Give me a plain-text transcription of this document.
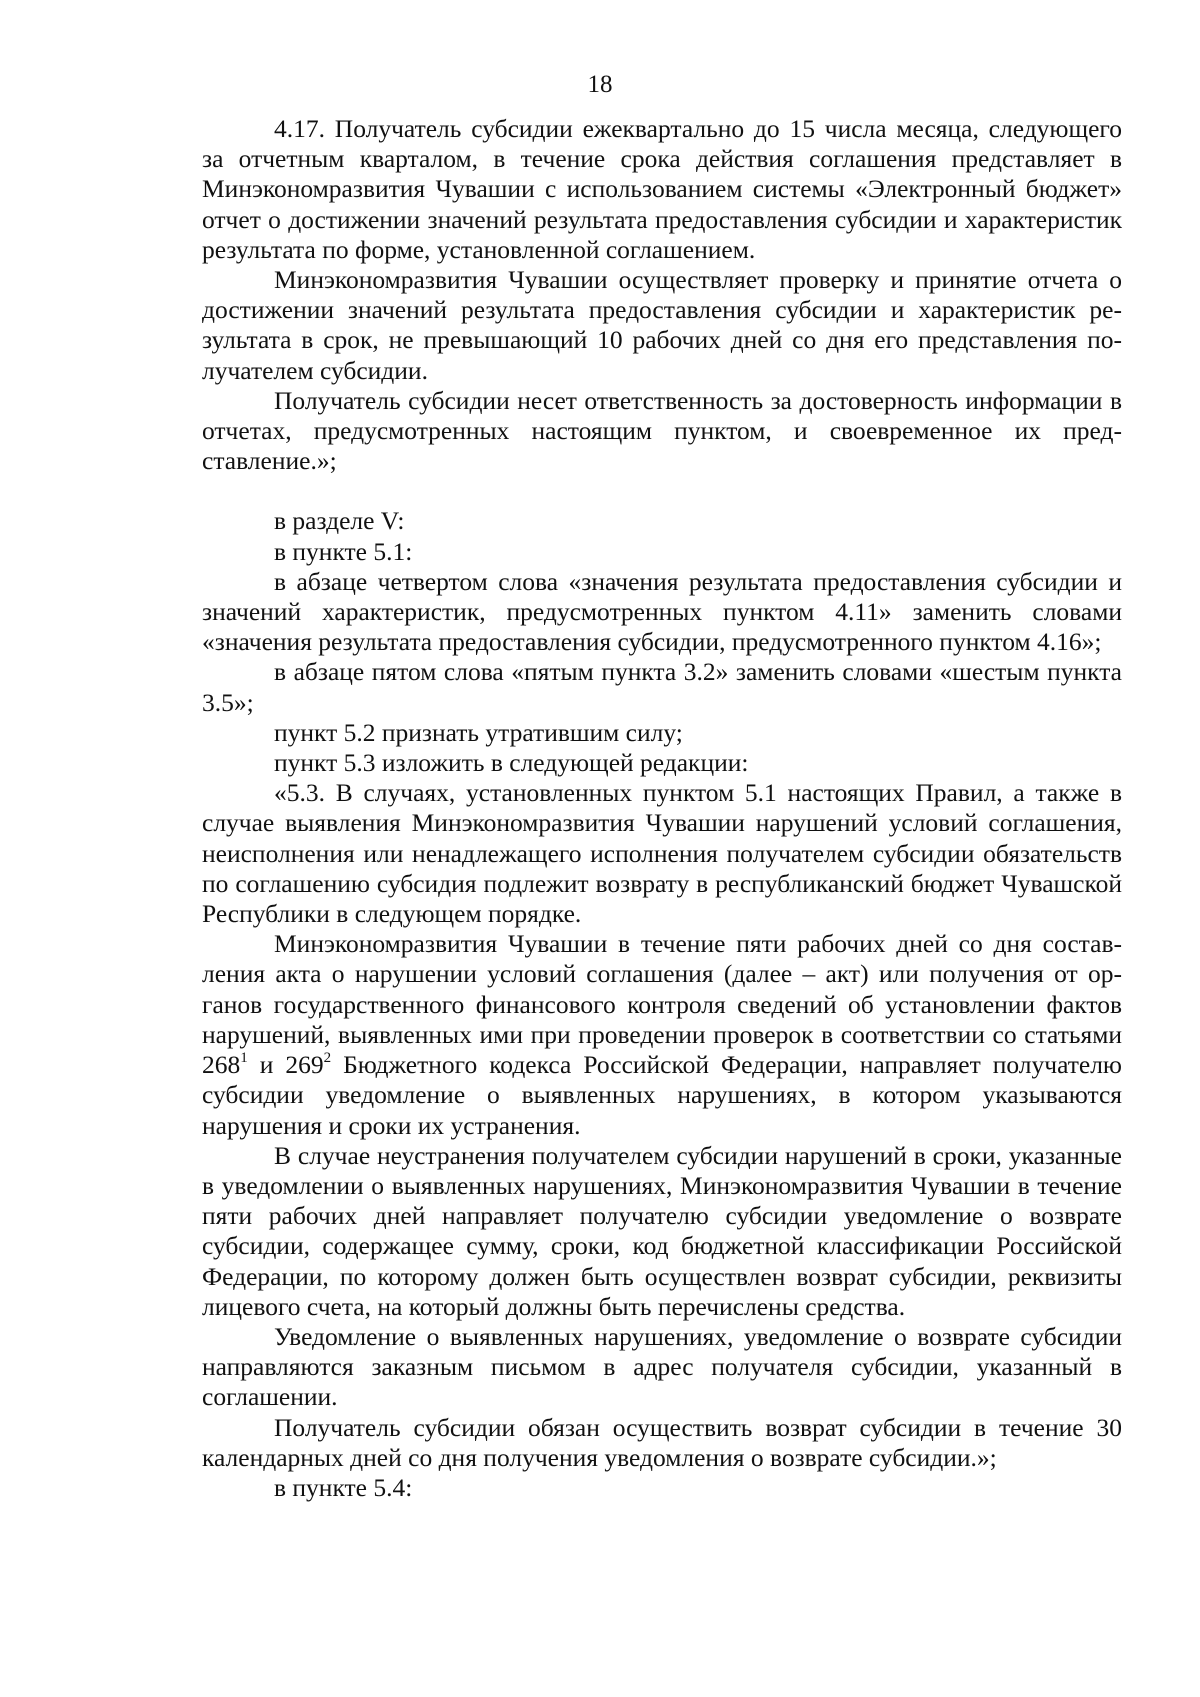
18

4.17. Получатель субсидии ежеквартально до 15 числа месяца, следующего за отчетным кварталом, в течение срока действия соглашения представляет в Минэкономразвития Чувашии с использованием системы «Электронный бюджет» отчет о достижении значений результата предоставления субсидии и характеристик результата по форме, установленной соглашением.

Минэкономразвития Чувашии осуществляет проверку и принятие отчета о достижении значений результата предоставления субсидии и характеристик результата в срок, не превышающий 10 рабочих дней со дня его представления получателем субсидии.

Получатель субсидии несет ответственность за достоверность информации в отчетах, предусмотренных настоящим пунктом, и своевременное их представление.»;

в разделе V:

в пункте 5.1:

в абзаце четвертом слова «значения результата предоставления субсидии и значений характеристик, предусмотренных пунктом 4.11» заменить словами «значения результата предоставления субсидии, предусмотренного пунктом 4.16»;

в абзаце пятом слова «пятым пункта 3.2» заменить словами «шестым пункта 3.5»;

пункт 5.2 признать утратившим силу;

пункт 5.3 изложить в следующей редакции:

«5.3. В случаях, установленных пунктом 5.1 настоящих Правил, а также в случае выявления Минэкономразвития Чувашии нарушений условий соглашения, неисполнения или ненадлежащего исполнения получателем субсидии обязательств по соглашению субсидия подлежит возврату в республиканский бюджет Чувашской Республики в следующем порядке.

Минэкономразвития Чувашии в течение пяти рабочих дней со дня составления акта о нарушении условий соглашения (далее – акт) или получения от органов государственного финансового контроля сведений об установлении фактов нарушений, выявленных ими при проведении проверок в соответствии со статьями $268^1$ и $269^2$ Бюджетного кодекса Российской Федерации, направляет получателю субсидии уведомление о выявленных нарушениях, в котором указываются нарушения и сроки их устранения.

В случае неустранения получателем субсидии нарушений в сроки, указанные в уведомлении о выявленных нарушениях, Минэкономразвития Чувашии в течение пяти рабочих дней направляет получателю субсидии уведомление о возврате субсидии, содержащее сумму, сроки, код бюджетной классификации Российской Федерации, по которому должен быть осуществлен возврат субсидии, реквизиты лицевого счета, на который должны быть перечислены средства.

Уведомление о выявленных нарушениях, уведомление о возврате субсидии направляются заказным письмом в адрес получателя субсидии, указанный в соглашении.

Получатель субсидии обязан осуществить возврат субсидии в течение 30 календарных дней со дня получения уведомления о возврате субсидии.»;

в пункте 5.4:
